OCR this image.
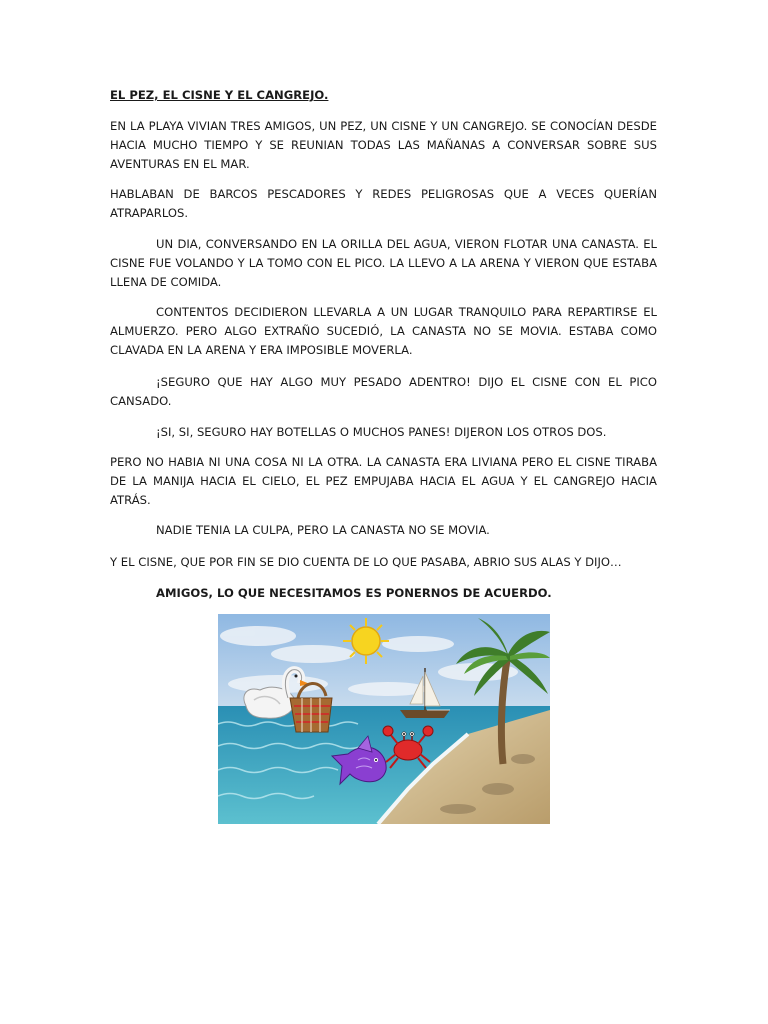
EL PEZ, EL CISNE Y EL CANGREJO.

EN LA PLAYA VIVIAN TRES AMIGOS, UN PEZ, UN CISNE Y UN CANGREJO. SE CONOCÍAN DESDE HACIA MUCHO TIEMPO Y SE REUNIAN TODAS LAS MAÑANAS A CONVERSAR SOBRE SUS AVENTURAS EN EL MAR.

HABLABAN DE BARCOS PESCADORES Y REDES PELIGROSAS QUE A VECES QUERÍAN ATRAPARLOS.

UN DIA, CONVERSANDO EN LA ORILLA DEL AGUA, VIERON FLOTAR UNA CANASTA. EL CISNE FUE VOLANDO Y LA TOMO CON EL PICO. LA LLEVO A LA ARENA Y VIERON QUE ESTABA LLENA DE COMIDA.

CONTENTOS DECIDIERON LLEVARLA A UN LUGAR TRANQUILO PARA REPARTIRSE EL ALMUERZO. PERO ALGO EXTRAÑO SUCEDIÓ, LA CANASTA NO SE MOVIA. ESTABA COMO CLAVADA EN LA ARENA Y ERA IMPOSIBLE MOVERLA.

¡SEGURO QUE HAY ALGO MUY PESADO ADENTRO! DIJO EL CISNE CON EL PICO CANSADO.

¡SI, SI, SEGURO HAY BOTELLAS O MUCHOS PANES! DIJERON LOS OTROS DOS.

PERO NO HABIA NI UNA COSA NI LA OTRA. LA CANASTA ERA LIVIANA PERO EL CISNE TIRABA DE LA MANIJA HACIA EL CIELO, EL PEZ EMPUJABA HACIA EL AGUA Y EL CANGREJO HACIA ATRÁS.

NADIE TENIA LA CULPA, PERO LA CANASTA NO SE MOVIA.

Y EL CISNE, QUE POR FIN SE DIO CUENTA DE LO QUE PASABA, ABRIO SUS ALAS Y DIJO…

AMIGOS, LO QUE NECESITAMOS ES PONERNOS DE ACUERDO.
